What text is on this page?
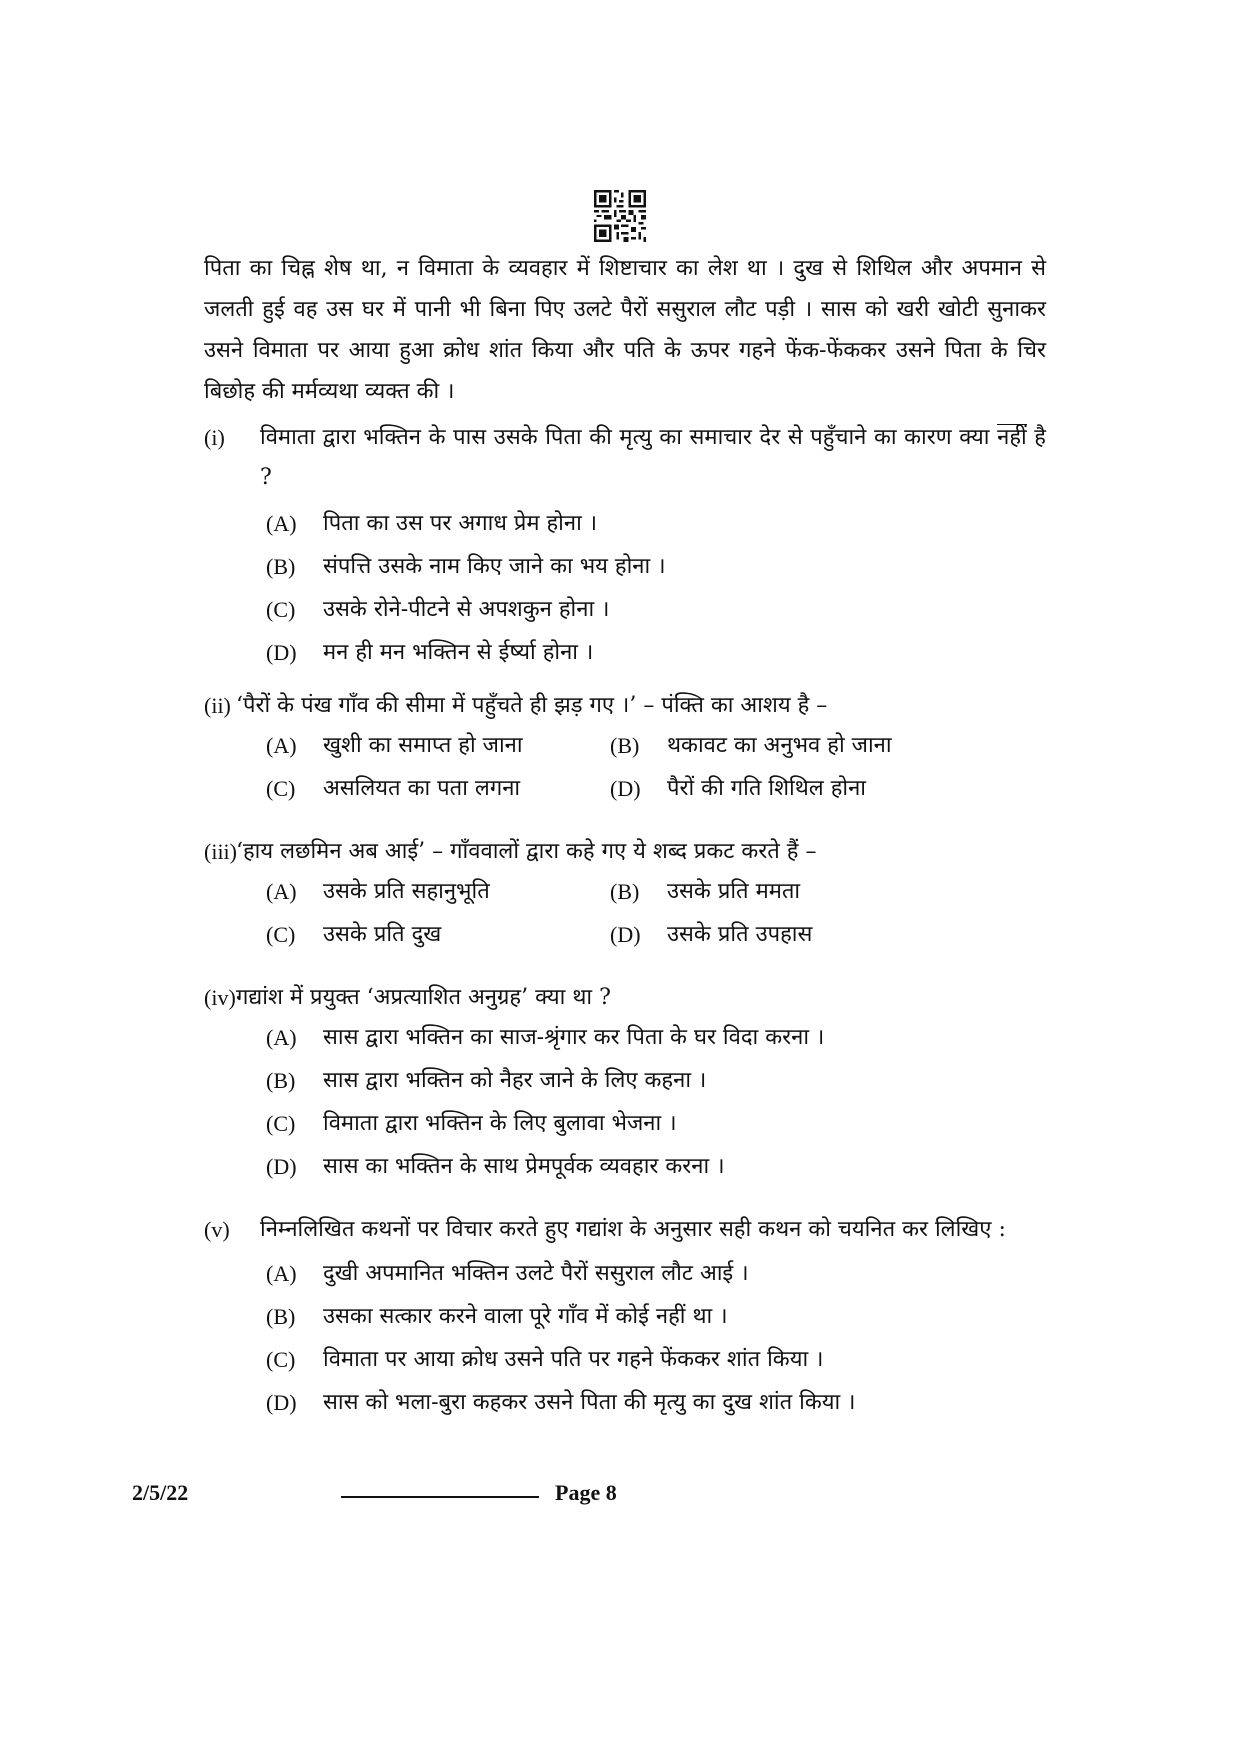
पिता का चिह्न शेष था, न विमाता के व्यवहार में शिष्टाचार का लेश था । दुख से शिथिल और अपमान से जलती हुई वह उस घर में पानी भी बिना पिए उलटे पैरों ससुराल लौट पड़ी । सास को खरी खोटी सुनाकर उसने विमाता पर आया हुआ क्रोध शांत किया और पति के ऊपर गहने फेंक-फेंककर उसने पिता के चिर बिछोह की मर्मव्यथा व्यक्त की ।
(i) विमाता द्वारा भक्तिन के पास उसके पिता की मृत्यु का समाचार देर से पहुँचाने का कारण क्या नहीं है ?
(A) पिता का उस पर अगाध प्रेम होना ।
(B) संपत्ति उसके नाम किए जाने का भय होना ।
(C) उसके रोने-पीटने से अपशकुन होना ।
(D) मन ही मन भक्तिन से ईर्ष्या होना ।
(ii) ‘पैरों के पंख गाँव की सीमा में पहुँचते ही झड़ गए ।’ – पंक्ति का आशय है –
(A) खुशी का समाप्त हो जाना	(B) थकावट का अनुभव हो जाना
(C) असलियत का पता लगना	(D) पैरों की गति शिथिल होना
(iii) ‘हाय लछमिन अब आई’ – गाँववालों द्वारा कहे गए ये शब्द प्रकट करते हैं –
(A) उसके प्रति सहानुभूति	(B) उसके प्रति ममता
(C) उसके प्रति दुख	(D) उसके प्रति उपहास
(iv) गद्यांश में प्रयुक्त ‘अप्रत्याशित अनुग्रह’ क्या था ?
(A) सास द्वारा भक्तिन का साज-श्रृंगार कर पिता के घर विदा करना ।
(B) सास द्वारा भक्तिन को नैहर जाने के लिए कहना ।
(C) विमाता द्वारा भक्तिन के लिए बुलावा भेजना ।
(D) सास का भक्तिन के साथ प्रेमपूर्वक व्यवहार करना ।
(v) निम्नलिखित कथनों पर विचार करते हुए गद्यांश के अनुसार सही कथन को चयनित कर लिखिए :
(A) दुखी अपमानित भक्तिन उलटे पैरों ससुराल लौट आई ।
(B) उसका सत्कार करने वाला पूरे गाँव में कोई नहीं था ।
(C) विमाता पर आया क्रोध उसने पति पर गहने फेंककर शांत किया ।
(D) सास को भला-बुरा कहकर उसने पिता की मृत्यु का दुख शांत किया ।
2/5/22	Page 8
